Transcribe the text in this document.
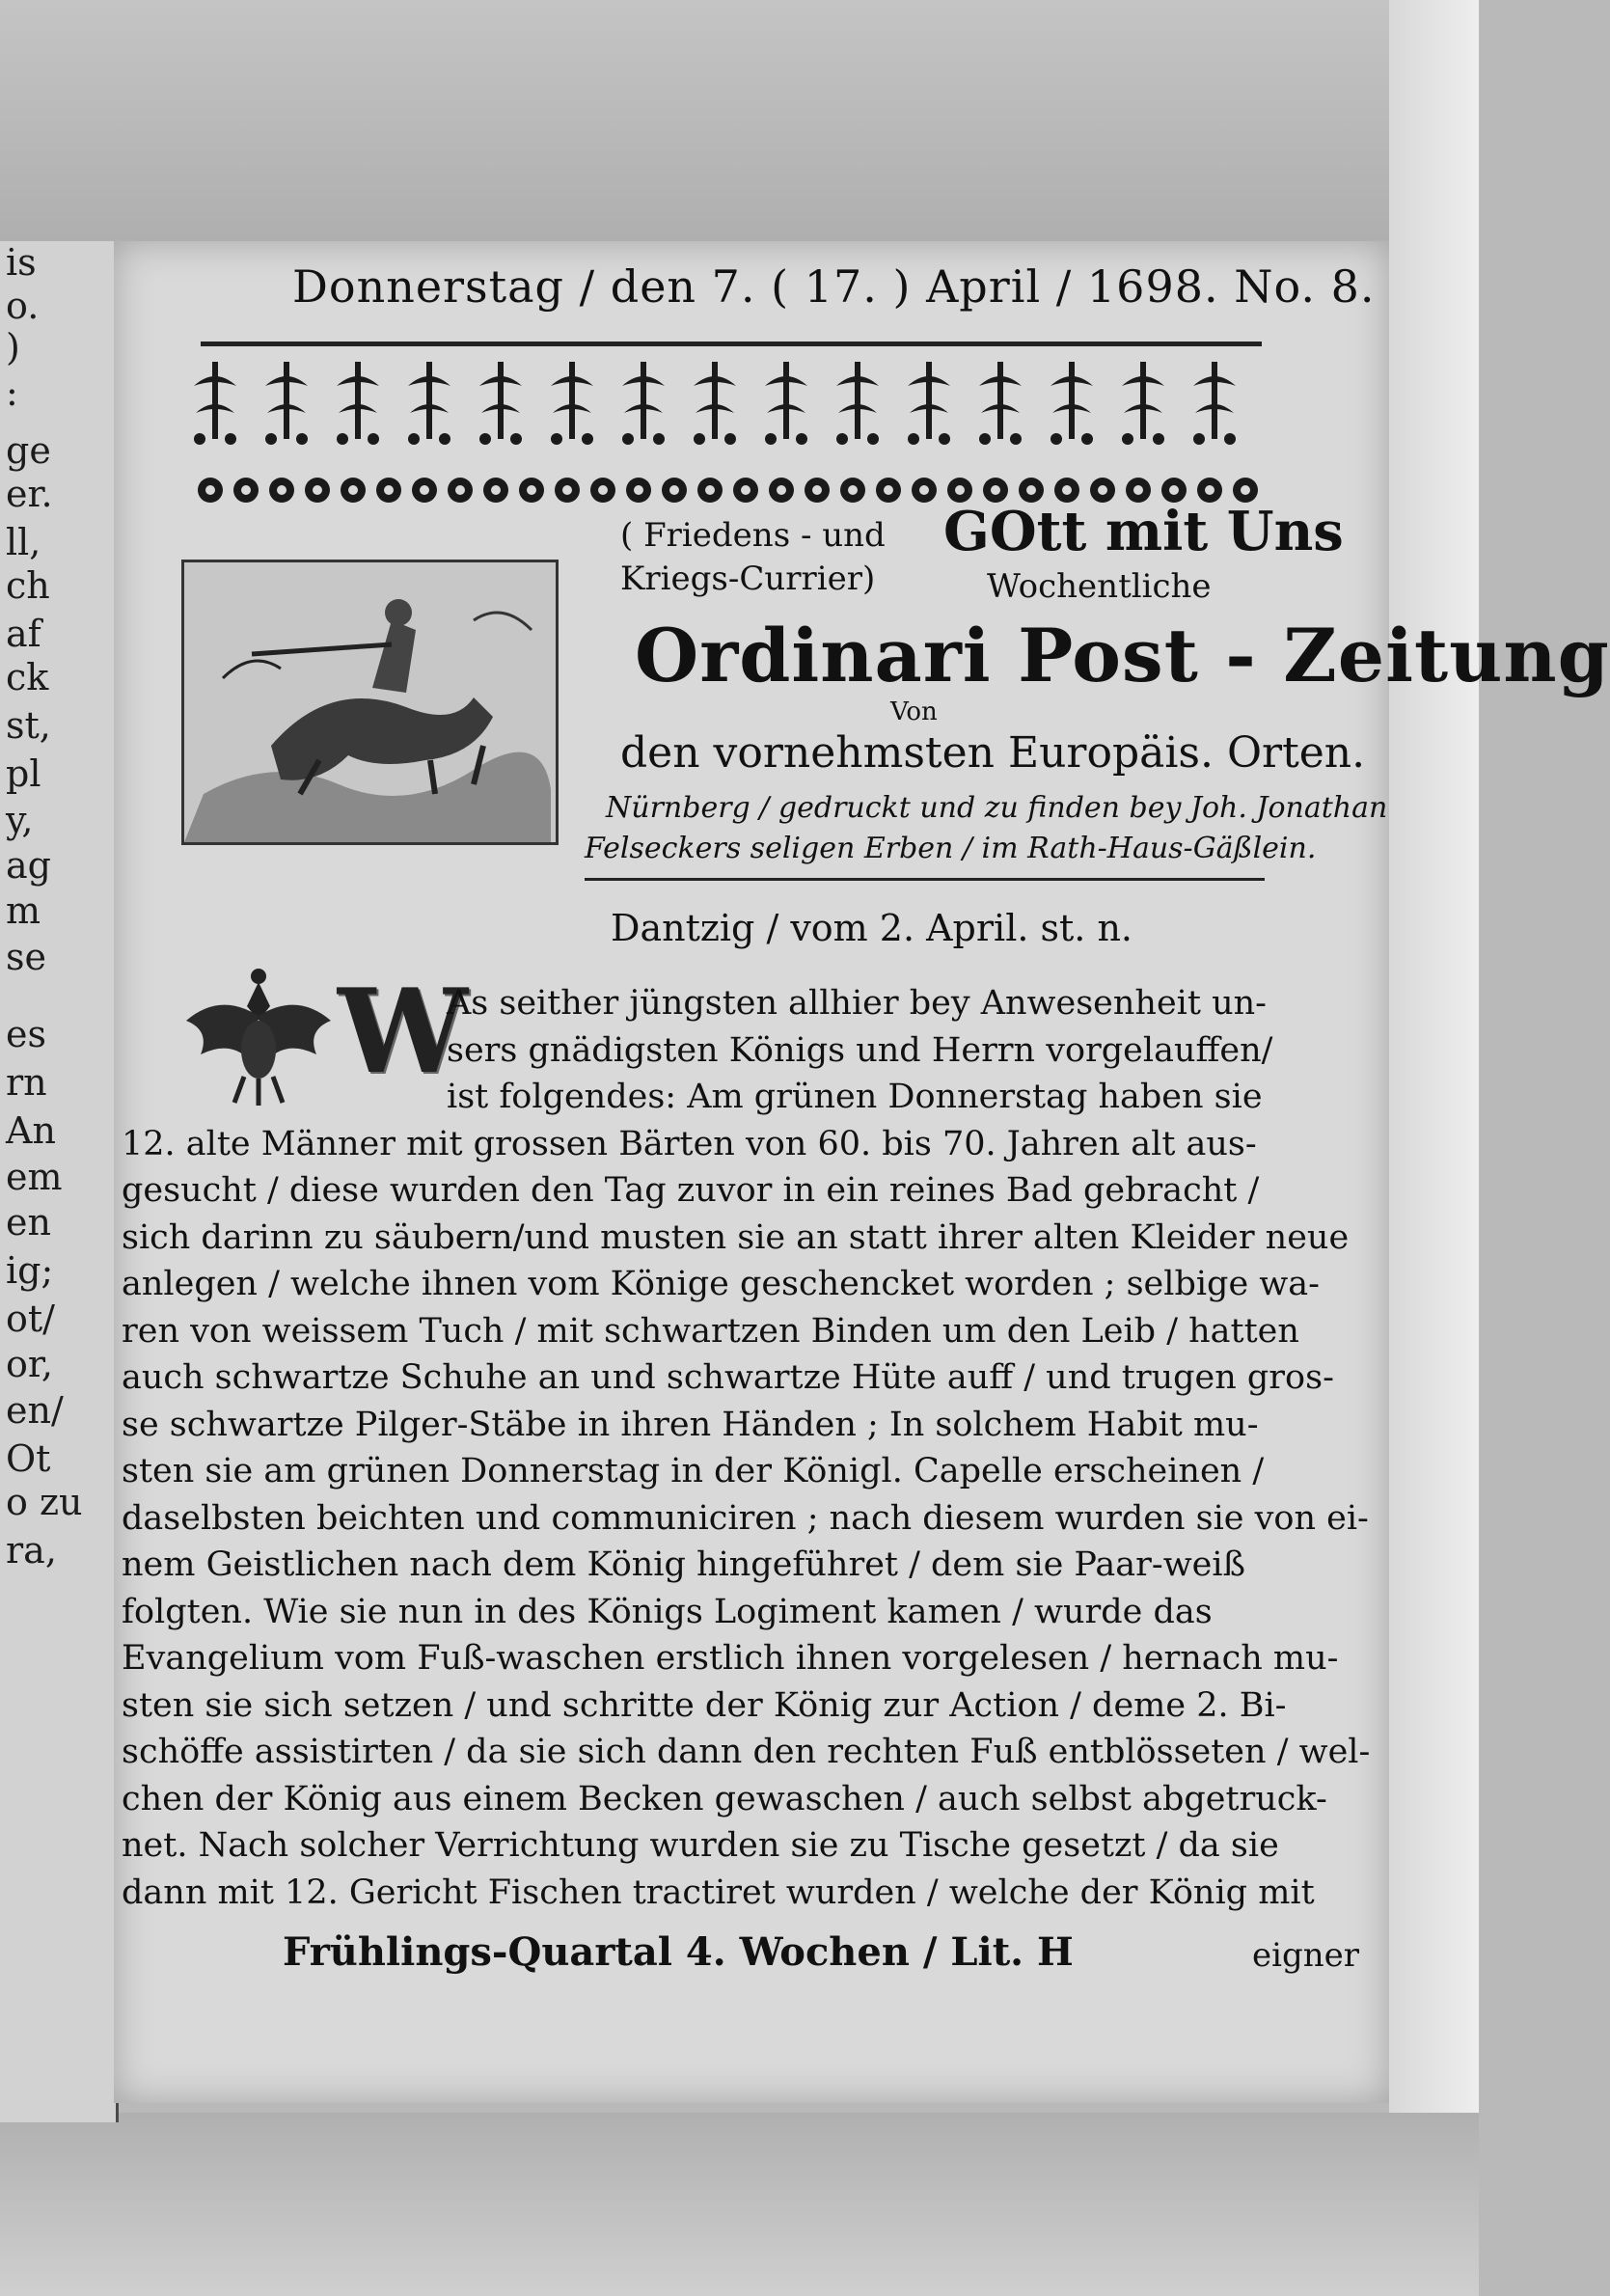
is
o.
)
:
ge
er.
ll,
ch
af
ck
st,
pl
y,
ag
m
se
es
rn
An
em
en
ig;
ot/
or,
en/
Ot
o zu
ra,
Donnerstag / den 7. ( 17. ) April / 1698. No. 8.
( Friedens - und GOtt mit Uns
Kriegs-Currier)	Wochentliche
Ordinari Post - Zeitung
Von
den vornehmsten Europäis. Orten.
Nürnberg / gedruckt und zu finden bey Joh. Jonathan
Felseckers seligen Erben / im Rath-Haus-Gäßlein.
Dantzig / vom 2. April. st. n.
W
As seither jüngsten allhier bey Anwesenheit un-
sers gnädigsten Königs und Herrn vorgelauffen/
ist folgendes: Am grünen Donnerstag haben sie
12. alte Männer mit grossen Bärten von 60. bis 70. Jahren alt aus-
gesucht / diese wurden den Tag zuvor in ein reines Bad gebracht /
sich darinn zu säubern/und musten sie an statt ihrer alten Kleider neue
anlegen / welche ihnen vom Könige geschencket worden ; selbige wa-
ren von weissem Tuch / mit schwartzen Binden um den Leib / hatten
auch schwartze Schuhe an und schwartze Hüte auff / und trugen gros-
se schwartze Pilger-Stäbe in ihren Händen ; In solchem Habit mu-
sten sie am grünen Donnerstag in der Königl. Capelle erscheinen /
daselbsten beichten und communiciren ; nach diesem wurden sie von ei-
nem Geistlichen nach dem König hingeführet / dem sie Paar-weiß
folgten. Wie sie nun in des Königs Logiment kamen / wurde das
Evangelium vom Fuß-waschen erstlich ihnen vorgelesen / hernach mu-
sten sie sich setzen / und schritte der König zur Action / deme 2. Bi-
schöffe assistirten / da sie sich dann den rechten Fuß entblösseten / wel-
chen der König aus einem Becken gewaschen / auch selbst abgetruck-
net. Nach solcher Verrichtung wurden sie zu Tische gesetzt / da sie
dann mit 12. Gericht Fischen tractiret wurden / welche der König mit
Frühlings-Quartal 4. Wochen / Lit. H	eigner
